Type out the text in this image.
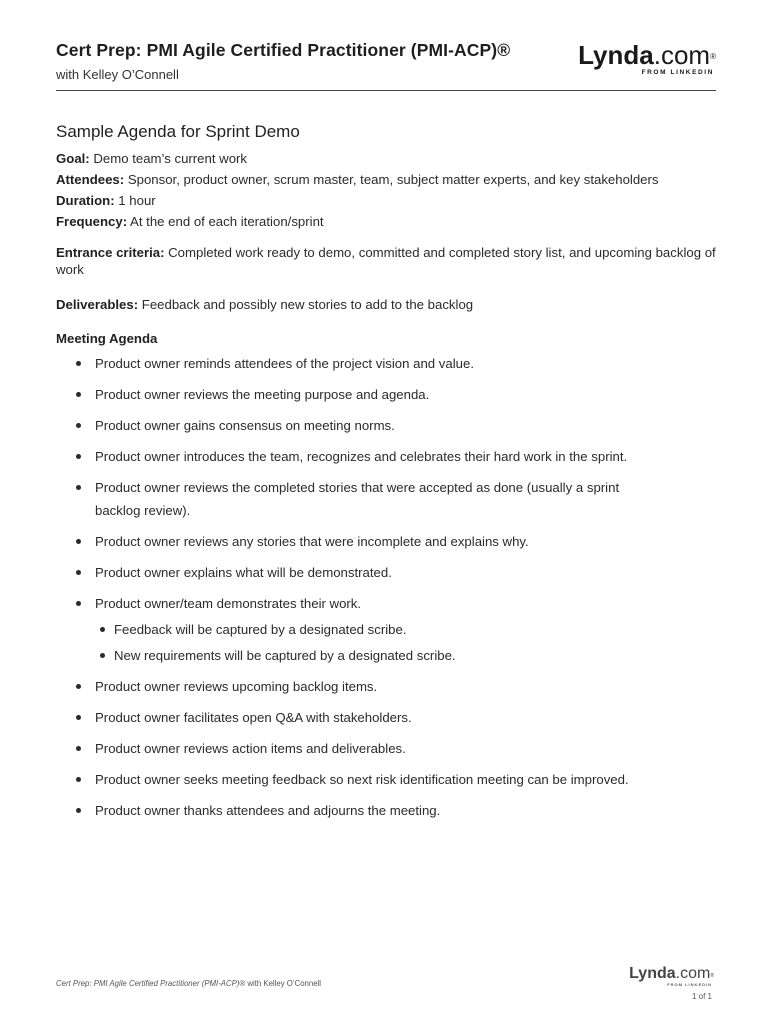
Cert Prep: PMI Agile Certified Practitioner (PMI-ACP)®
with Kelley O’Connell
Lynda.com®
FROM LINKEDIN
Sample Agenda for Sprint Demo
Goal: Demo team’s current work
Attendees: Sponsor, product owner, scrum master, team, subject matter experts, and key stakeholders
Duration: 1 hour
Frequency: At the end of each iteration/sprint
Entrance criteria: Completed work ready to demo, committed and completed story list, and upcoming backlog of work
Deliverables: Feedback and possibly new stories to add to the backlog
Meeting Agenda
Product owner reminds attendees of the project vision and value.
Product owner reviews the meeting purpose and agenda.
Product owner gains consensus on meeting norms.
Product owner introduces the team, recognizes and celebrates their hard work in the sprint.
Product owner reviews the completed stories that were accepted as done (usually a sprint backlog review).
Product owner reviews any stories that were incomplete and explains why.
Product owner explains what will be demonstrated.
Product owner/team demonstrates their work.
Feedback will be captured by a designated scribe.
New requirements will be captured by a designated scribe.
Product owner reviews upcoming backlog items.
Product owner facilitates open Q&A with stakeholders.
Product owner reviews action items and deliverables.
Product owner seeks meeting feedback so next risk identification meeting can be improved.
Product owner thanks attendees and adjourns the meeting.
Cert Prep: PMI Agile Certified Practitioner (PMI-ACP)® with Kelley O’Connell
Lynda.com®
FROM LINKEDIN
1 of 1
